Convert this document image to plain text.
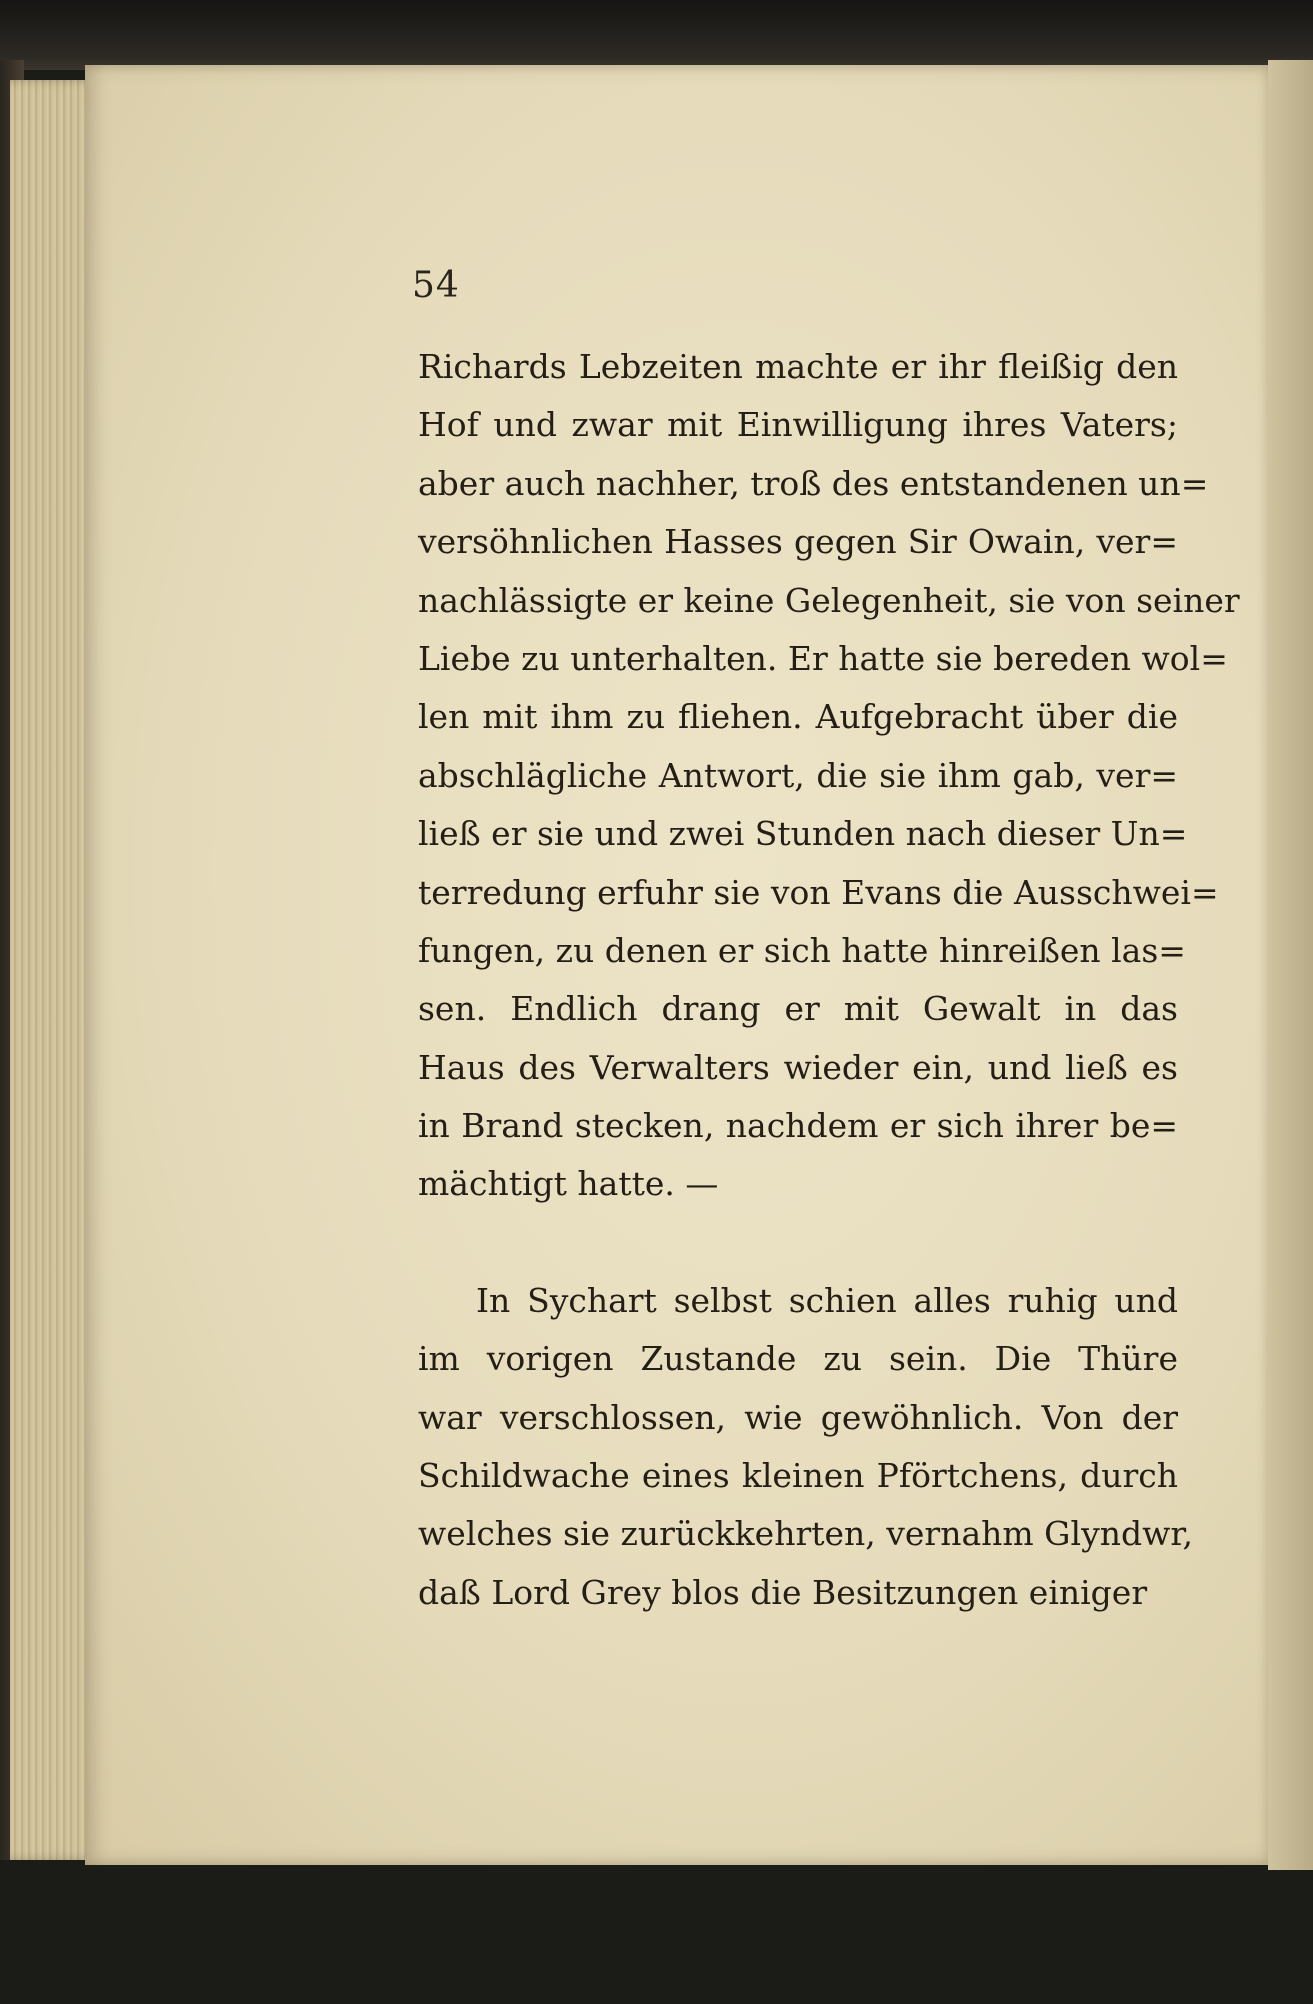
54
Richards Lebzeiten machte er ihr fleißig den
Hof und zwar mit Einwilligung ihres Vaters;
aber auch nachher, troß des entstandenen un=
versöhnlichen Hasses gegen Sir Owain, ver=
nachlässigte er keine Gelegenheit, sie von seiner
Liebe zu unterhalten. Er hatte sie bereden wol=
len mit ihm zu fliehen. Aufgebracht über die
abschlägliche Antwort, die sie ihm gab, ver=
ließ er sie und zwei Stunden nach dieser Un=
terredung erfuhr sie von Evans die Ausschwei=
fungen, zu denen er sich hatte hinreißen las=
sen. Endlich drang er mit Gewalt in das
Haus des Verwalters wieder ein, und ließ es
in Brand stecken, nachdem er sich ihrer be=
mächtigt hatte. —
In Sychart selbst schien alles ruhig und
im vorigen Zustande zu sein. Die Thüre
war verschlossen, wie gewöhnlich. Von der
Schildwache eines kleinen Pförtchens, durch
welches sie zurückkehrten, vernahm Glyndwr,
daß Lord Grey blos die Besitzungen einiger
